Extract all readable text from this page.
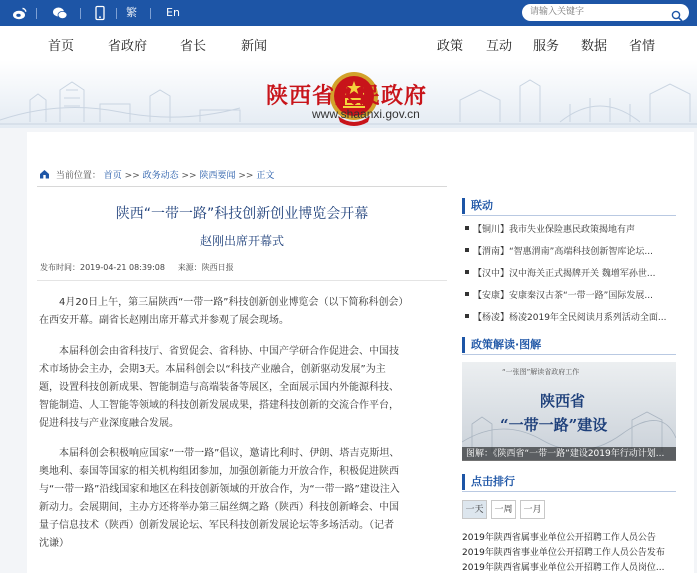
繁	En
请输入关键字
首页	省政府	省长	新闻	政策 互动 服务 数据 省情
陕西省人民政府
www.shaanxi.gov.cn
当前位置： 首页 >> 政务动态 >> 陕西要闻 >> 正文
陕西“一带一路”科技创新创业博览会开幕
赵刚出席开幕式
发布时间：2019-04-21 08:39:08 来源：陕西日报
4月20日上午，第三届陕西“一带一路”科技创新创业博览会（以下简称科创会）在西安开幕。副省长赵刚出席开幕式并参观了展会现场。
本届科创会由省科技厅、省贸促会、省科协、中国产学研合作促进会、中国技术市场协会主办，会期3天。本届科创会以“科技产业融合，创新驱动发展”为主题，设置科技创新成果、智能制造与高端装备等展区，全面展示国内外能源科技、智能制造、人工智能等领域的科技创新发展成果，搭建科技创新的交流合作平台，促进科技与产业深度融合发展。
本届科创会积极响应国家“一带一路”倡议，邀请比利时、伊朗、塔吉克斯坦、奥地利、泰国等国家的相关机构组团参加，加强创新能力开放合作，积极促进陕西与“一带一路”沿线国家和地区在科技创新领域的开放合作，为“一带一路”建设注入新动力。会展期间，主办方还将举办第三届丝绸之路（陕西）科技创新峰会、中国量子信息技术（陕西）创新发展论坛、军民科技创新发展论坛等多场活动。（记者 沈谦）
联动
【铜川】我市失业保险惠民政策揭地有声
【渭南】“智惠渭南”高端科技创新智库论坛...
【汉中】汉中海关正式揭牌开关 魏增军孙世...
【安康】安康秦汉古茶“一带一路”国际发展...
【杨凌】杨凌2019年全民阅读月系列活动全面...
政策解读·图解
“一张图”解读省政府工作
陕西省
“一带一路”建设
图解：《陕西省“一带一路”建设2019年行动计划...
点击排行
一天	一周	一月
2019年陕西省属事业单位公开招聘工作人员公告
2019年陕西省事业单位公开招聘工作人员公告发布
2019年陕西省属事业单位公开招聘工作人员岗位...
